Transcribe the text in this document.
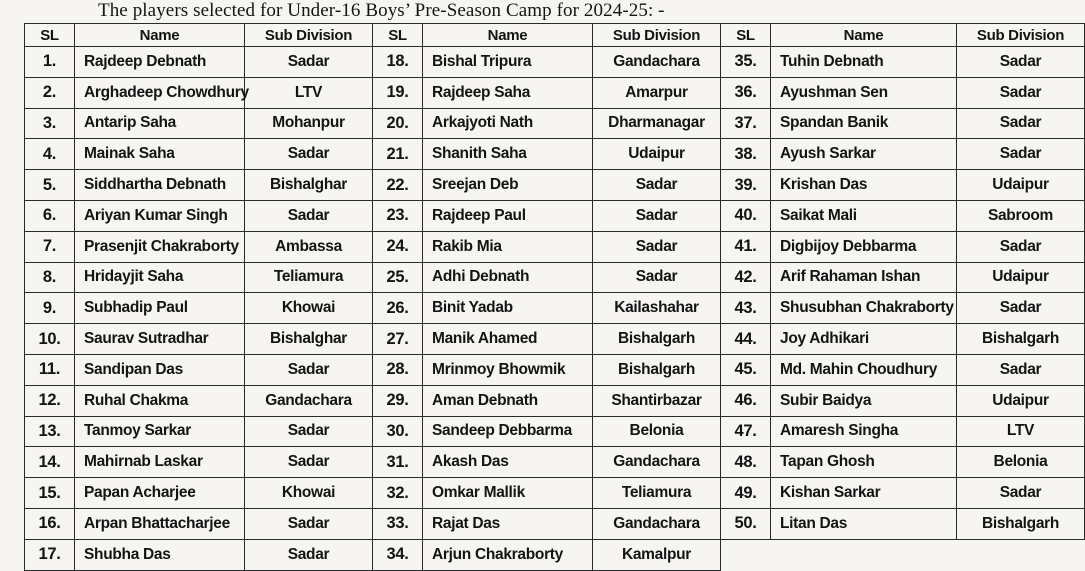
The players selected for Under-16 Boys’ Pre-Season Camp for 2024-25: -
SL	Name	Sub Division	SL	Name	Sub Division	SL	Name	Sub Division
1.	Rajdeep Debnath	Sadar	18.	Bishal Tripura	Gandachara	35.	Tuhin Debnath	Sadar
2.	Arghadeep Chowdhury	LTV	19.	Rajdeep Saha	Amarpur	36.	Ayushman Sen	Sadar
3.	Antarip Saha	Mohanpur	20.	Arkajyoti Nath	Dharmanagar	37.	Spandan Banik	Sadar
4.	Mainak Saha	Sadar	21.	Shanith Saha	Udaipur	38.	Ayush Sarkar	Sadar
5.	Siddhartha Debnath	Bishalghar	22.	Sreejan Deb	Sadar	39.	Krishan Das	Udaipur
6.	Ariyan Kumar Singh	Sadar	23.	Rajdeep Paul	Sadar	40.	Saikat Mali	Sabroom
7.	Prasenjit Chakraborty	Ambassa	24.	Rakib Mia	Sadar	41.	Digbijoy Debbarma	Sadar
8.	Hridayjit Saha	Teliamura	25.	Adhi Debnath	Sadar	42.	Arif Rahaman Ishan	Udaipur
9.	Subhadip Paul	Khowai	26.	Binit Yadab	Kailashahar	43.	Shusubhan Chakraborty	Sadar
10.	Saurav Sutradhar	Bishalghar	27.	Manik Ahamed	Bishalgarh	44.	Joy Adhikari	Bishalgarh
11.	Sandipan Das	Sadar	28.	Mrinmoy Bhowmik	Bishalgarh	45.	Md. Mahin Choudhury	Sadar
12.	Ruhal Chakma	Gandachara	29.	Aman Debnath	Shantirbazar	46.	Subir Baidya	Udaipur
13.	Tanmoy Sarkar	Sadar	30.	Sandeep Debbarma	Belonia	47.	Amaresh Singha	LTV
14.	Mahirnab Laskar	Sadar	31.	Akash Das	Gandachara	48.	Tapan Ghosh	Belonia
15.	Papan Acharjee	Khowai	32.	Omkar Mallik	Teliamura	49.	Kishan Sarkar	Sadar
16.	Arpan Bhattacharjee	Sadar	33.	Rajat Das	Gandachara	50.	Litan Das	Bishalgarh
17.	Shubha Das	Sadar	34.	Arjun Chakraborty	Kamalpur			
